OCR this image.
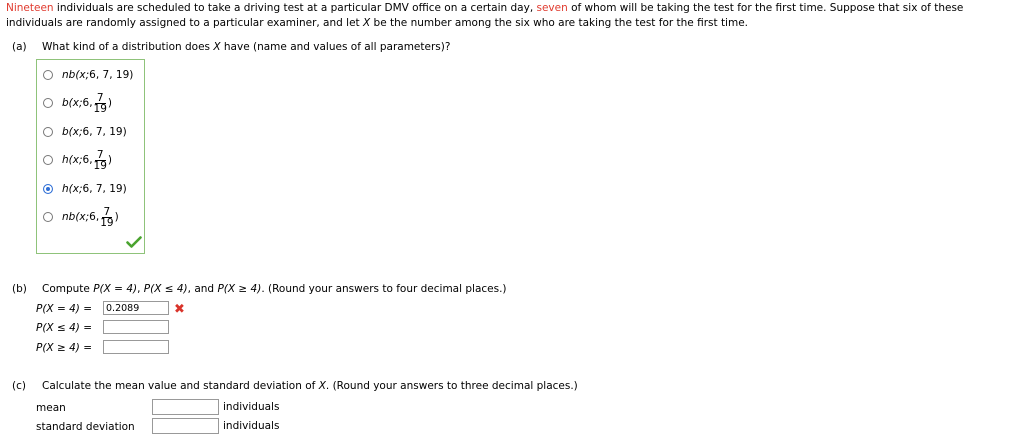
Nineteen individuals are scheduled to take a driving test at a particular DMV office on a certain day, seven of whom will be taking the test for the first time. Suppose that six of these individuals are randomly assigned to a particular examiner, and let X be the number among the six who are taking the test for the first time.
(a) What kind of a distribution does X have (name and values of all parameters)?
nb(x; 6, 7, 19)
b(x; 6, $\frac{7}{19}$ )
b(x; 6, 7, 19)
h(x; 6, $\frac{7}{19}$ )
h(x; 6, 7, 19)
nb(x; 6, $\frac{7}{19}$ )
(b) Compute P(X = 4), P(X ≤ 4), and P(X ≥ 4). (Round your answers to four decimal places.)
P(X = 4)
=
0.2089	✖
P(X ≤ 4)
=
P(X ≥ 4)
=
(c) Calculate the mean value and standard deviation of X. (Round your answers to three decimal places.)
mean	individuals
standard deviation	individuals
